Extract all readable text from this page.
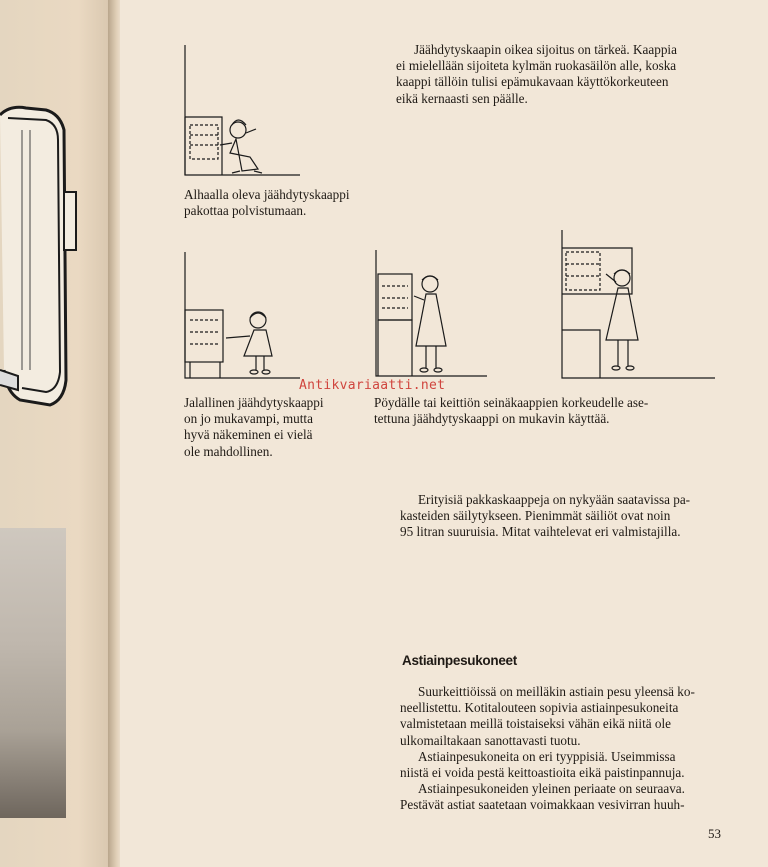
Jäähdytyskaapin oikea sijoitus on tärkeä. Kaappia
ei mielellään sijoiteta kylmän ruokasäilön alle, koska
kaappi tällöin tulisi epämukavaan käyttökorkeuteen
eikä kernaasti sen päälle.
Alhaalla oleva jäähdytyskaappi
pakottaa polvistumaan.
Jalallinen jäähdytyskaappi
on jo mukavampi, mutta
hyvä näkeminen ei vielä
ole mahdollinen.
Pöydälle tai keittiön seinäkaappien korkeudelle ase-
tettuna jäähdytyskaappi on mukavin käyttää.
Antikvariaatti.net
Erityisiä pakkaskaappeja on nykyään saatavissa pa-
kasteiden säilytykseen. Pienimmät säiliöt ovat noin
95 litran suuruisia. Mitat vaihtelevat eri valmistajilla.
Astiainpesukoneet
Suurkeittiöissä on meilläkin astiain pesu yleensä ko-
neellistettu. Kotitalouteen sopivia astiainpesukoneita
valmistetaan meillä toistaiseksi vähän eikä niitä ole
ulkomailtakaan sanottavasti tuotu.
Astiainpesukoneita on eri tyyppisiä. Useimmissa
niistä ei voida pestä keittoastioita eikä paistinpannuja.
Astiainpesukoneiden yleinen periaate on seuraava.
Pestävät astiat saatetaan voimakkaan vesivirran huuh-
53
